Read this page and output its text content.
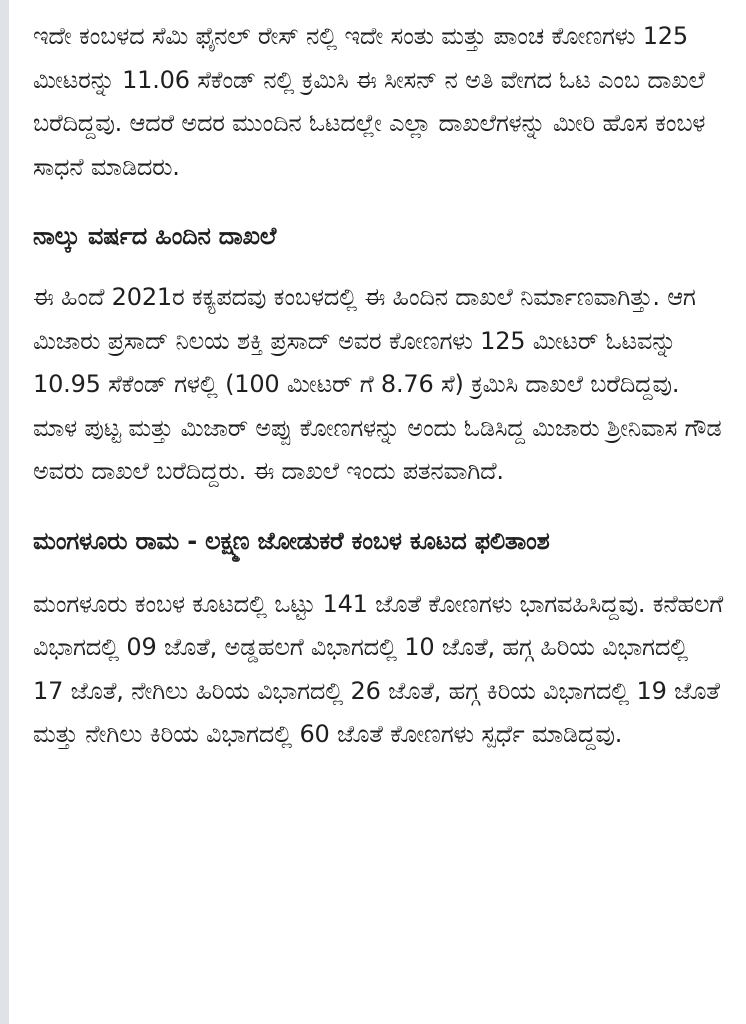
ಇದೇ ಕಂಬಳದ ಸೆಮಿ ಫೈನಲ್ ರೇಸ್ ನಲ್ಲಿ ಇದೇ ಸಂತು ಮತ್ತು ಪಾಂಚ ಕೋಣಗಳು 125 ಮೀಟರನ್ನು 11.06 ಸೆಕೆಂಡ್ ನಲ್ಲಿ ಕ್ರಮಿಸಿ ಈ ಸೀಸನ್ ನ ಅತಿ ವೇಗದ ಓಟ ಎಂಬ ದಾಖಲೆ ಬರೆದಿದ್ದವು. ಆದರೆ ಅದರ ಮುಂದಿನ ಓಟದಲ್ಲೇ ಎಲ್ಲಾ ದಾಖಲೆಗಳನ್ನು ಮೀರಿ ಹೊಸ ಕಂಬಳ ಸಾಧನೆ ಮಾಡಿದರು.

ನಾಲ್ಕು ವರ್ಷದ ಹಿಂದಿನ ದಾಖಲೆ

ಈ ಹಿಂದೆ 2021ರ ಕಕ್ಯಪದವು ಕಂಬಳದಲ್ಲಿ ಈ ಹಿಂದಿನ ದಾಖಲೆ ನಿರ್ಮಾಣವಾಗಿತ್ತು. ಆಗ ಮಿಜಾರು ಪ್ರಸಾದ್ ನಿಲಯ ಶಕ್ತಿ ಪ್ರಸಾದ್ ಅವರ ಕೋಣಗಳು 125 ಮೀಟರ್ ಓಟವನ್ನು 10.95 ಸೆಕೆಂಡ್ ಗಳಲ್ಲಿ (100 ಮೀಟರ್ ಗೆ 8.76 ಸೆ) ಕ್ರಮಿಸಿ ದಾಖಲೆ ಬರೆದಿದ್ದವು. ಮಾಳ ಪುಟ್ಟ ಮತ್ತು ಮಿಜಾರ್ ಅಪ್ಪು ಕೋಣಗಳನ್ನು ಅಂದು ಓಡಿಸಿದ್ದ ಮಿಜಾರು ಶ್ರೀನಿವಾಸ ಗೌಡ ಅವರು ದಾಖಲೆ ಬರೆದಿದ್ದರು. ಈ ದಾಖಲೆ ಇಂದು ಪತನವಾಗಿದೆ.

ಮಂಗಳೂರು ರಾಮ - ಲಕ್ಷ್ಮಣ ಜೋಡುಕರೆ ಕಂಬಳ ಕೂಟದ ಫಲಿತಾಂಶ

ಮಂಗಳೂರು ಕಂಬಳ ಕೂಟದಲ್ಲಿ ಒಟ್ಟು 141 ಜೊತೆ ಕೋಣಗಳು ಭಾಗವಹಿಸಿದ್ದವು. ಕನೆಹಲಗೆ ವಿಭಾಗದಲ್ಲಿ 09 ಜೊತೆ, ಅಡ್ಡಹಲಗೆ ವಿಭಾಗದಲ್ಲಿ 10 ಜೊತೆ, ಹಗ್ಗ ಹಿರಿಯ ವಿಭಾಗದಲ್ಲಿ 17 ಜೊತೆ, ನೇಗಿಲು ಹಿರಿಯ ವಿಭಾಗದಲ್ಲಿ 26 ಜೊತೆ, ಹಗ್ಗ ಕಿರಿಯ ವಿಭಾಗದಲ್ಲಿ 19 ಜೊತೆ ಮತ್ತು ನೇಗಿಲು ಕಿರಿಯ ವಿಭಾಗದಲ್ಲಿ 60 ಜೊತೆ ಕೋಣಗಳು ಸ್ಪರ್ಧೆ ಮಾಡಿದ್ದವು.
